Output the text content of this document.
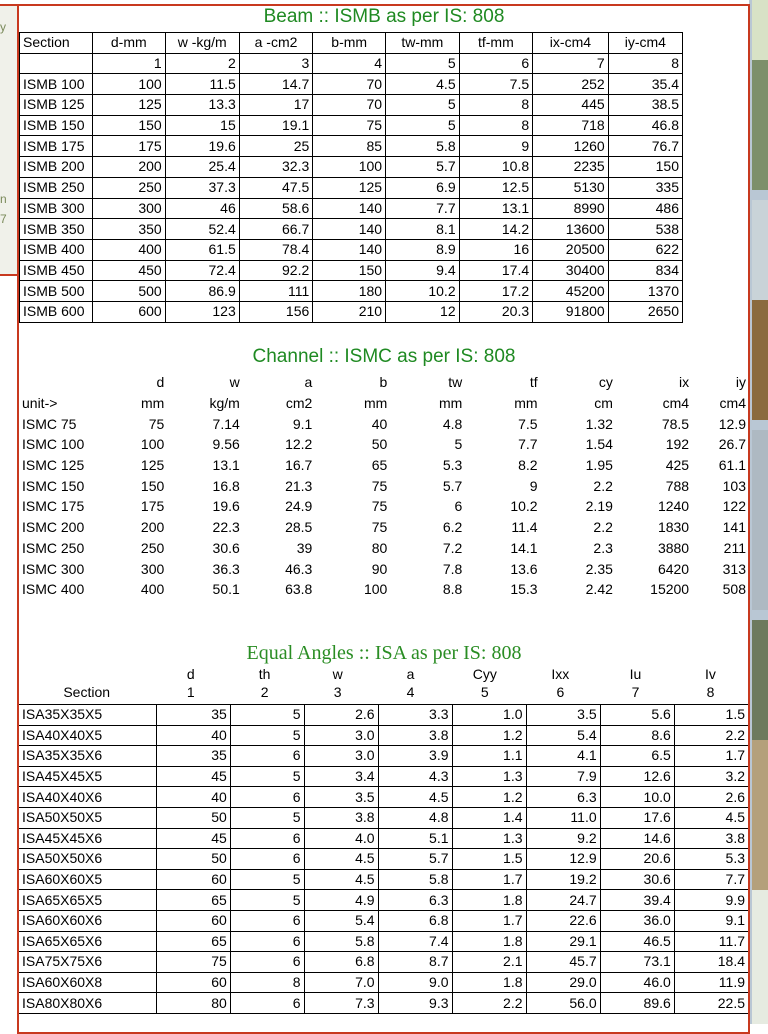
y
n
7
Beam :: ISMB as per IS: 808
Section	d-mm	w -kg/m	a -cm2	b-mm	tw-mm	tf-mm	ix-cm4	iy-cm4
	1	2	3	4	5	6	7	8
ISMB 100	100	11.5	14.7	70	4.5	7.5	252	35.4
ISMB 125	125	13.3	17	70	5	8	445	38.5
ISMB 150	150	15	19.1	75	5	8	718	46.8
ISMB 175	175	19.6	25	85	5.8	9	1260	76.7
ISMB 200	200	25.4	32.3	100	5.7	10.8	2235	150
ISMB 250	250	37.3	47.5	125	6.9	12.5	5130	335
ISMB 300	300	46	58.6	140	7.7	13.1	8990	486
ISMB 350	350	52.4	66.7	140	8.1	14.2	13600	538
ISMB 400	400	61.5	78.4	140	8.9	16	20500	622
ISMB 450	450	72.4	92.2	150	9.4	17.4	30400	834
ISMB 500	500	86.9	111	180	10.2	17.2	45200	1370
ISMB 600	600	123	156	210	12	20.3	91800	2650
Channel :: ISMC as per IS: 808
	d	w	a	b	tw	tf	cy	ix	iy
unit->	mm	kg/m	cm2	mm	mm	mm	cm	cm4	cm4
ISMC 75	75	7.14	9.1	40	4.8	7.5	1.32	78.5	12.9
ISMC 100	100	9.56	12.2	50	5	7.7	1.54	192	26.7
ISMC 125	125	13.1	16.7	65	5.3	8.2	1.95	425	61.1
ISMC 150	150	16.8	21.3	75	5.7	9	2.2	788	103
ISMC 175	175	19.6	24.9	75	6	10.2	2.19	1240	122
ISMC 200	200	22.3	28.5	75	6.2	11.4	2.2	1830	141
ISMC 250	250	30.6	39	80	7.2	14.1	2.3	3880	211
ISMC 300	300	36.3	46.3	90	7.8	13.6	2.35	6420	313
ISMC 400	400	50.1	63.8	100	8.8	15.3	2.42	15200	508
Equal Angles :: ISA as per IS: 808
	d	th	w	a	Cyy	Ixx	Iu	Iv
Section	1	2	3	4	5	6	7	8
ISA35X35X5	35	5	2.6	3.3	1.0	3.5	5.6	1.5
ISA40X40X5	40	5	3.0	3.8	1.2	5.4	8.6	2.2
ISA35X35X6	35	6	3.0	3.9	1.1	4.1	6.5	1.7
ISA45X45X5	45	5	3.4	4.3	1.3	7.9	12.6	3.2
ISA40X40X6	40	6	3.5	4.5	1.2	6.3	10.0	2.6
ISA50X50X5	50	5	3.8	4.8	1.4	11.0	17.6	4.5
ISA45X45X6	45	6	4.0	5.1	1.3	9.2	14.6	3.8
ISA50X50X6	50	6	4.5	5.7	1.5	12.9	20.6	5.3
ISA60X60X5	60	5	4.5	5.8	1.7	19.2	30.6	7.7
ISA65X65X5	65	5	4.9	6.3	1.8	24.7	39.4	9.9
ISA60X60X6	60	6	5.4	6.8	1.7	22.6	36.0	9.1
ISA65X65X6	65	6	5.8	7.4	1.8	29.1	46.5	11.7
ISA75X75X6	75	6	6.8	8.7	2.1	45.7	73.1	18.4
ISA60X60X8	60	8	7.0	9.0	1.8	29.0	46.0	11.9
ISA80X80X6	80	6	7.3	9.3	2.2	56.0	89.6	22.5
